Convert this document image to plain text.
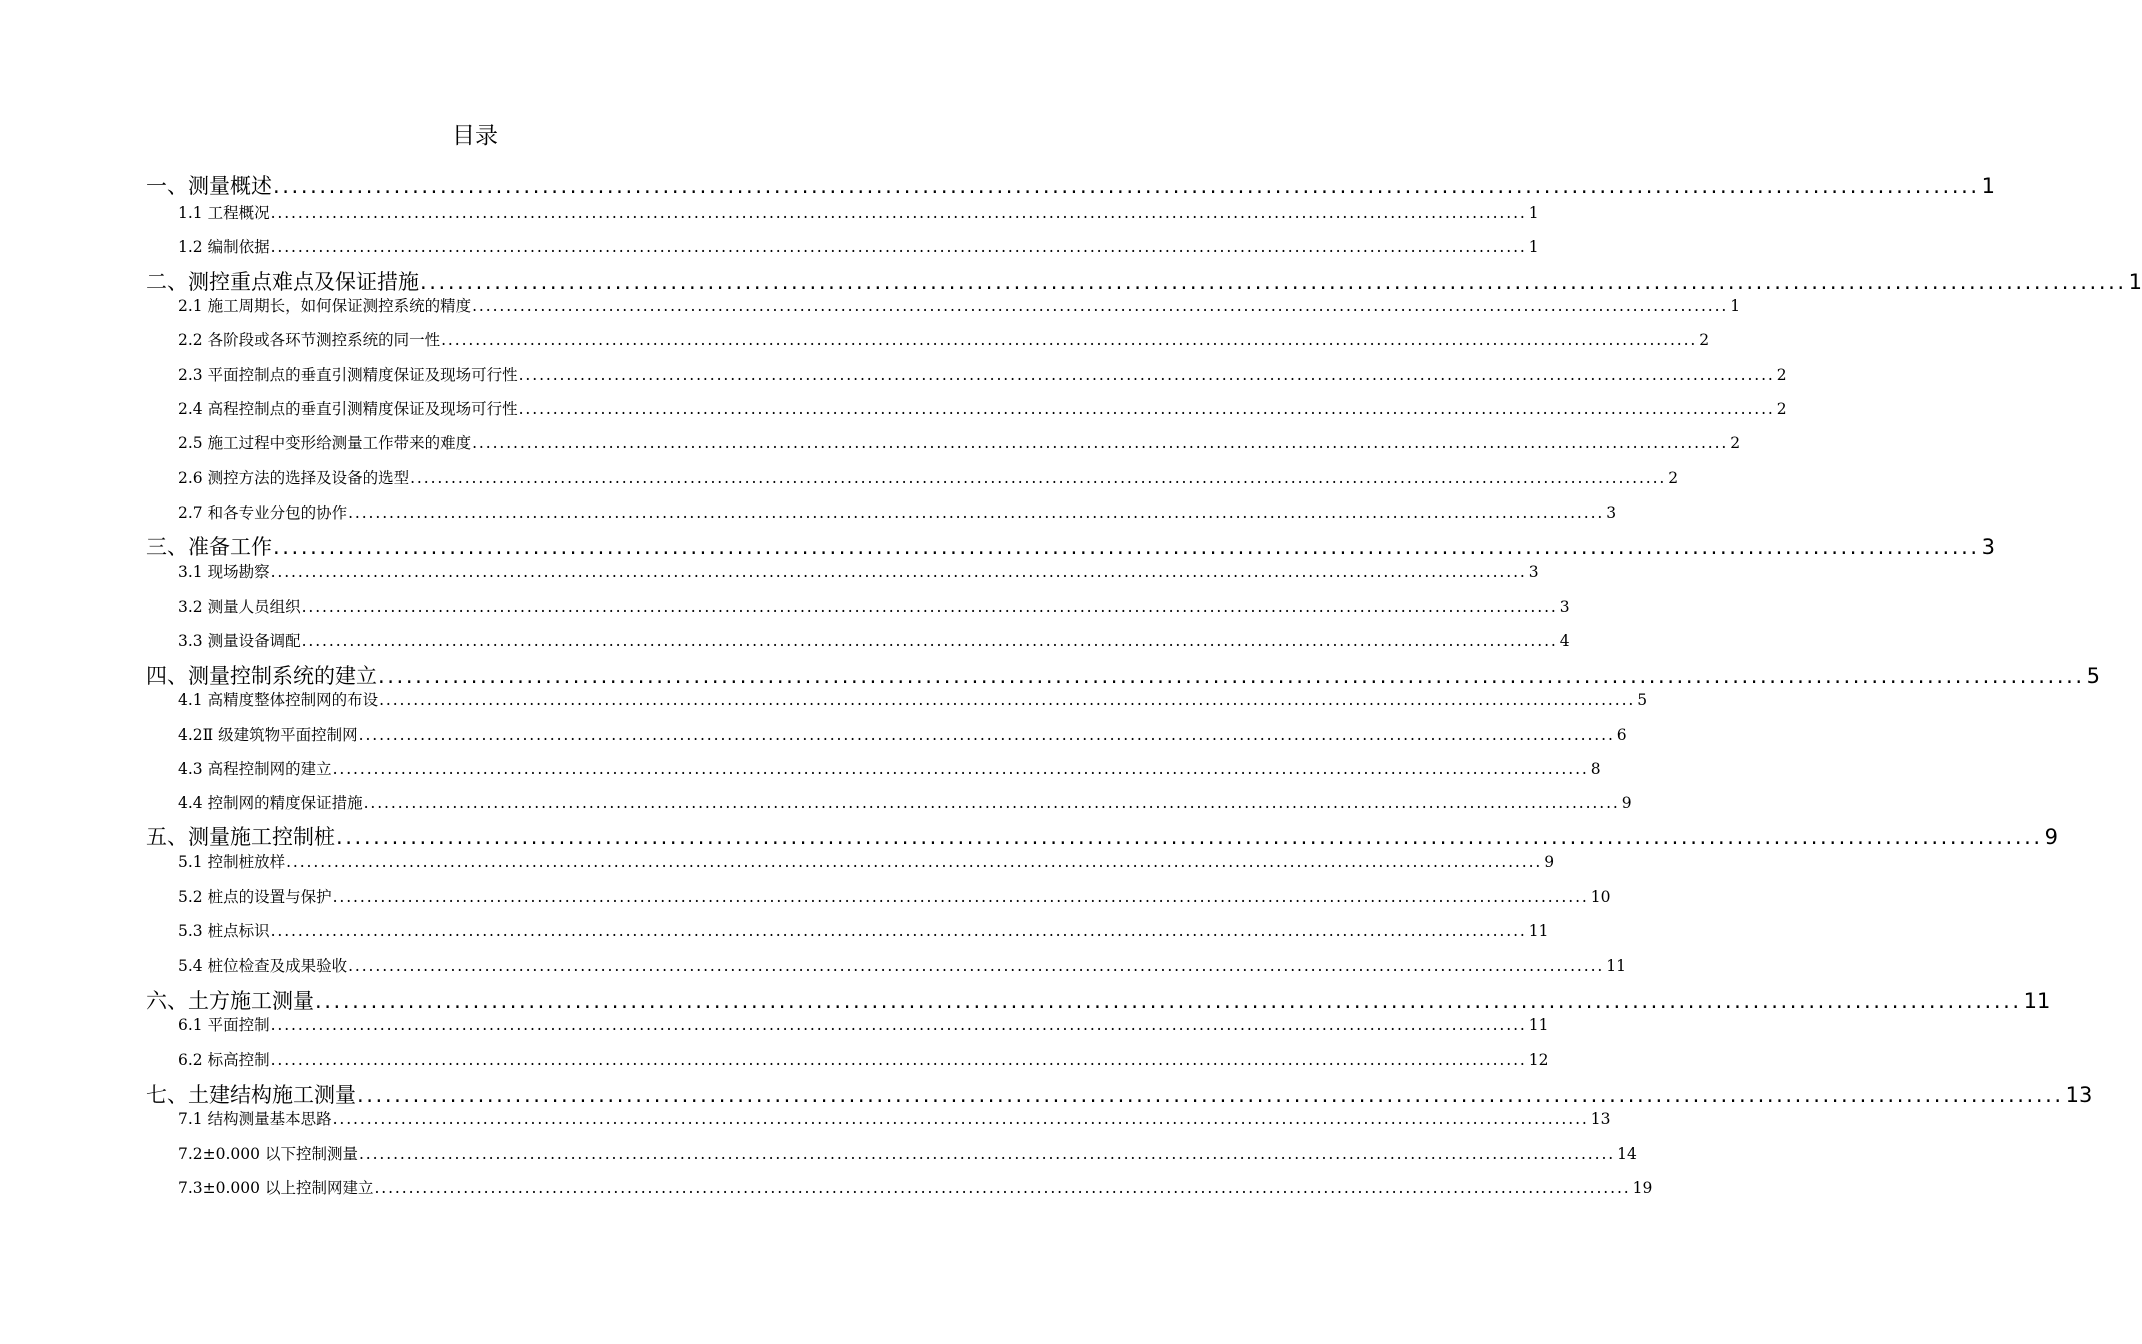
目录
一、测量概述 ........................................................................................................................................................................................ 1
1.1 工程概况 ........................................................................................................................................................................................ 1
1.2 编制依据 ........................................................................................................................................................................................ 1
二、测控重点难点及保证措施 ........................................................................................................................................................................................ 1
2.1 施工周期长，如何保证测控系统的精度 ........................................................................................................................................................................................ 1
2.2 各阶段或各环节测控系统的同一性 ........................................................................................................................................................................................ 2
2.3 平面控制点的垂直引测精度保证及现场可行性 ........................................................................................................................................................................................ 2
2.4 高程控制点的垂直引测精度保证及现场可行性 ........................................................................................................................................................................................ 2
2.5 施工过程中变形给测量工作带来的难度 ........................................................................................................................................................................................ 2
2.6 测控方法的选择及设备的选型 ........................................................................................................................................................................................ 2
2.7 和各专业分包的协作 ........................................................................................................................................................................................ 3
三、准备工作 ........................................................................................................................................................................................ 3
3.1 现场勘察 ........................................................................................................................................................................................ 3
3.2 测量人员组织 ........................................................................................................................................................................................ 3
3.3 测量设备调配 ........................................................................................................................................................................................ 4
四、测量控制系统的建立 ........................................................................................................................................................................................ 5
4.1 高精度整体控制网的布设 ........................................................................................................................................................................................ 5
4.2Ⅱ 级建筑物平面控制网 ........................................................................................................................................................................................ 6
4.3 高程控制网的建立 ........................................................................................................................................................................................ 8
4.4 控制网的精度保证措施 ........................................................................................................................................................................................ 9
五、测量施工控制桩 ........................................................................................................................................................................................ 9
5.1 控制桩放样 ........................................................................................................................................................................................ 9
5.2 桩点的设置与保护 ........................................................................................................................................................................................ 10
5.3 桩点标识 ........................................................................................................................................................................................ 11
5.4 桩位检查及成果验收 ........................................................................................................................................................................................ 11
六、土方施工测量 ........................................................................................................................................................................................ 11
6.1 平面控制 ........................................................................................................................................................................................ 11
6.2 标高控制 ........................................................................................................................................................................................ 12
七、土建结构施工测量 ........................................................................................................................................................................................ 13
7.1 结构测量基本思路 ........................................................................................................................................................................................ 13
7.2±0.000 以下控制测量 ........................................................................................................................................................................................ 14
7.3±0.000 以上控制网建立 ........................................................................................................................................................................................ 19
